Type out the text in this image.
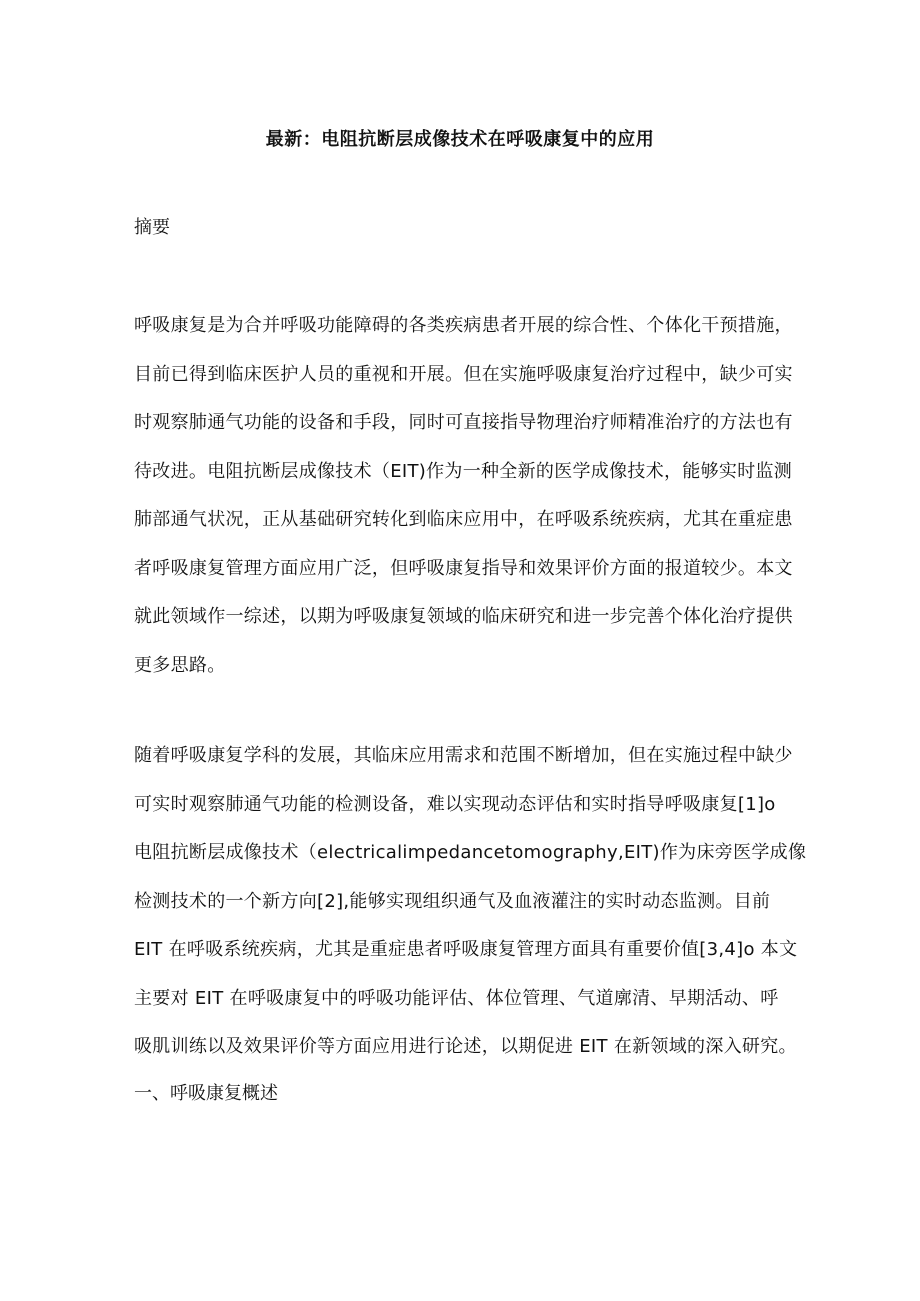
最新：电阻抗断层成像技术在呼吸康复中的应用
摘要
呼吸康复是为合并呼吸功能障碍的各类疾病患者开展的综合性、个体化干预措施，
目前已得到临床医护人员的重视和开展。但在实施呼吸康复治疗过程中，缺少可实
时观察肺通气功能的设备和手段，同时可直接指导物理治疗师精准治疗的方法也有
待改进。电阻抗断层成像技术（EIT)作为一种全新的医学成像技术，能够实时监测
肺部通气状况，正从基础研究转化到临床应用中，在呼吸系统疾病，尤其在重症患
者呼吸康复管理方面应用广泛，但呼吸康复指导和效果评价方面的报道较少。本文
就此领域作一综述，以期为呼吸康复领域的临床研究和进一步完善个体化治疗提供
更多思路。
随着呼吸康复学科的发展，其临床应用需求和范围不断增加，但在实施过程中缺少
可实时观察肺通气功能的检测设备，难以实现动态评估和实时指导呼吸康复[1]o
电阻抗断层成像技术（electricalimpedancetomography,EIT)作为床旁医学成像
检测技术的一个新方向[2],能够实现组织通气及血液灌注的实时动态监测。目前
EIT 在呼吸系统疾病，尤其是重症患者呼吸康复管理方面具有重要价值[3,4]o 本文
主要对 EIT 在呼吸康复中的呼吸功能评估、体位管理、气道廓清、早期活动、呼
吸肌训练以及效果评价等方面应用进行论述，以期促进 EIT 在新领域的深入研究。
一、呼吸康复概述
